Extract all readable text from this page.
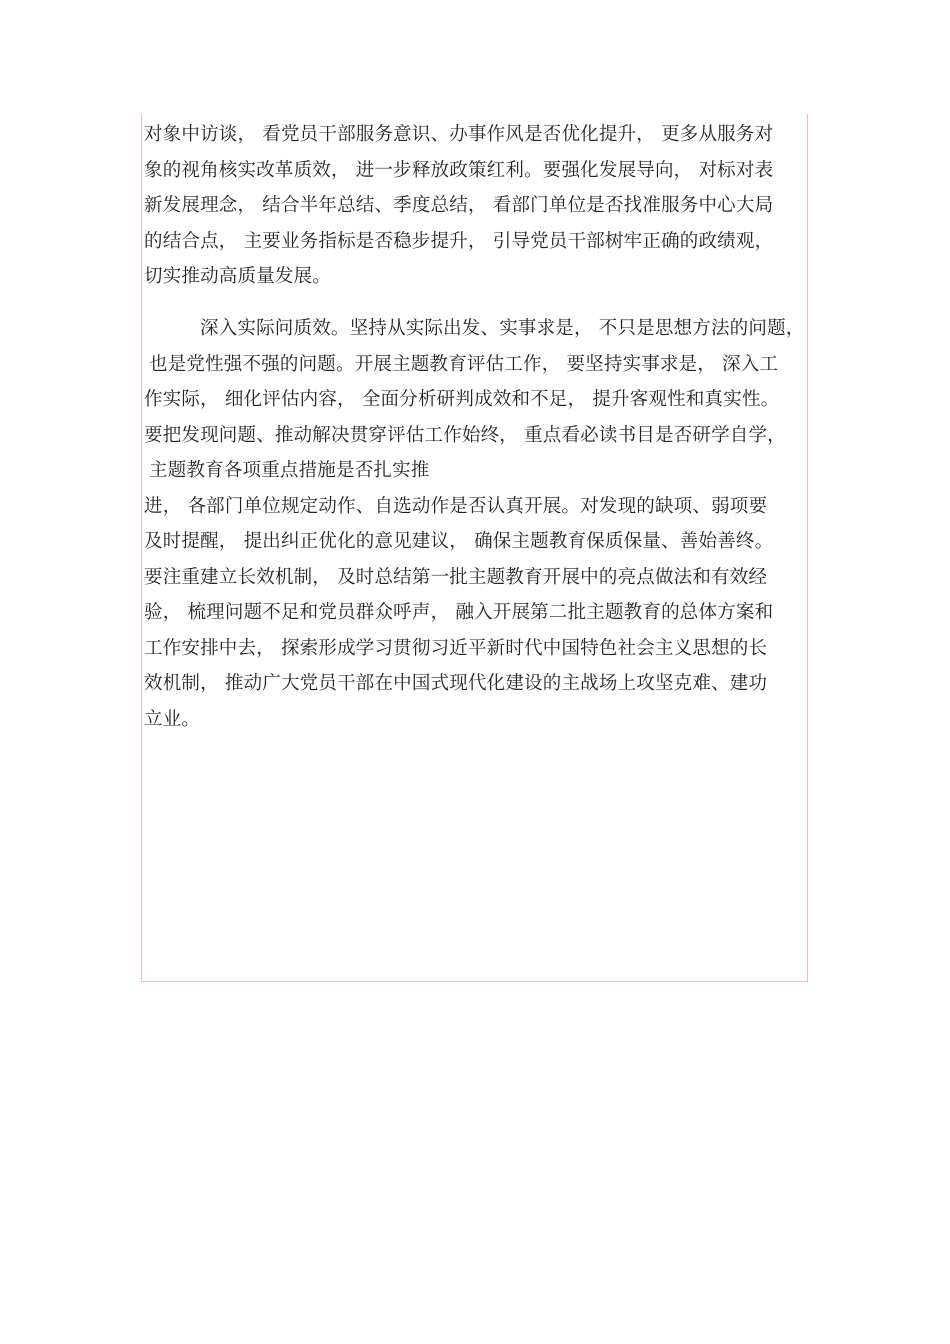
对象中访谈， 看党员干部服务意识、办事作风是否优化提升， 更多从服务对
象的视角核实改革质效， 进一步释放政策红利。要强化发展导向， 对标对表
新发展理念， 结合半年总结、季度总结， 看部门单位是否找准服务中心大局
的结合点， 主要业务指标是否稳步提升， 引导党员干部树牢正确的政绩观，
切实推动高质量发展。
深入实际问质效。坚持从实际出发、实事求是， 不只是思想方法的问题，
也是党性强不强的问题。开展主题教育评估工作， 要坚持实事求是， 深入工
作实际， 细化评估内容， 全面分析研判成效和不足， 提升客观性和真实性。
要把发现问题、推动解决贯穿评估工作始终， 重点看必读书目是否研学自学，
主题教育各项重点措施是否扎实推
进， 各部门单位规定动作、自选动作是否认真开展。对发现的缺项、弱项要
及时提醒， 提出纠正优化的意见建议， 确保主题教育保质保量、善始善终。
要注重建立长效机制， 及时总结第一批主题教育开展中的亮点做法和有效经
验， 梳理问题不足和党员群众呼声， 融入开展第二批主题教育的总体方案和
工作安排中去， 探索形成学习贯彻习近平新时代中国特色社会主义思想的长
效机制， 推动广大党员干部在中国式现代化建设的主战场上攻坚克难、建功
立业。
